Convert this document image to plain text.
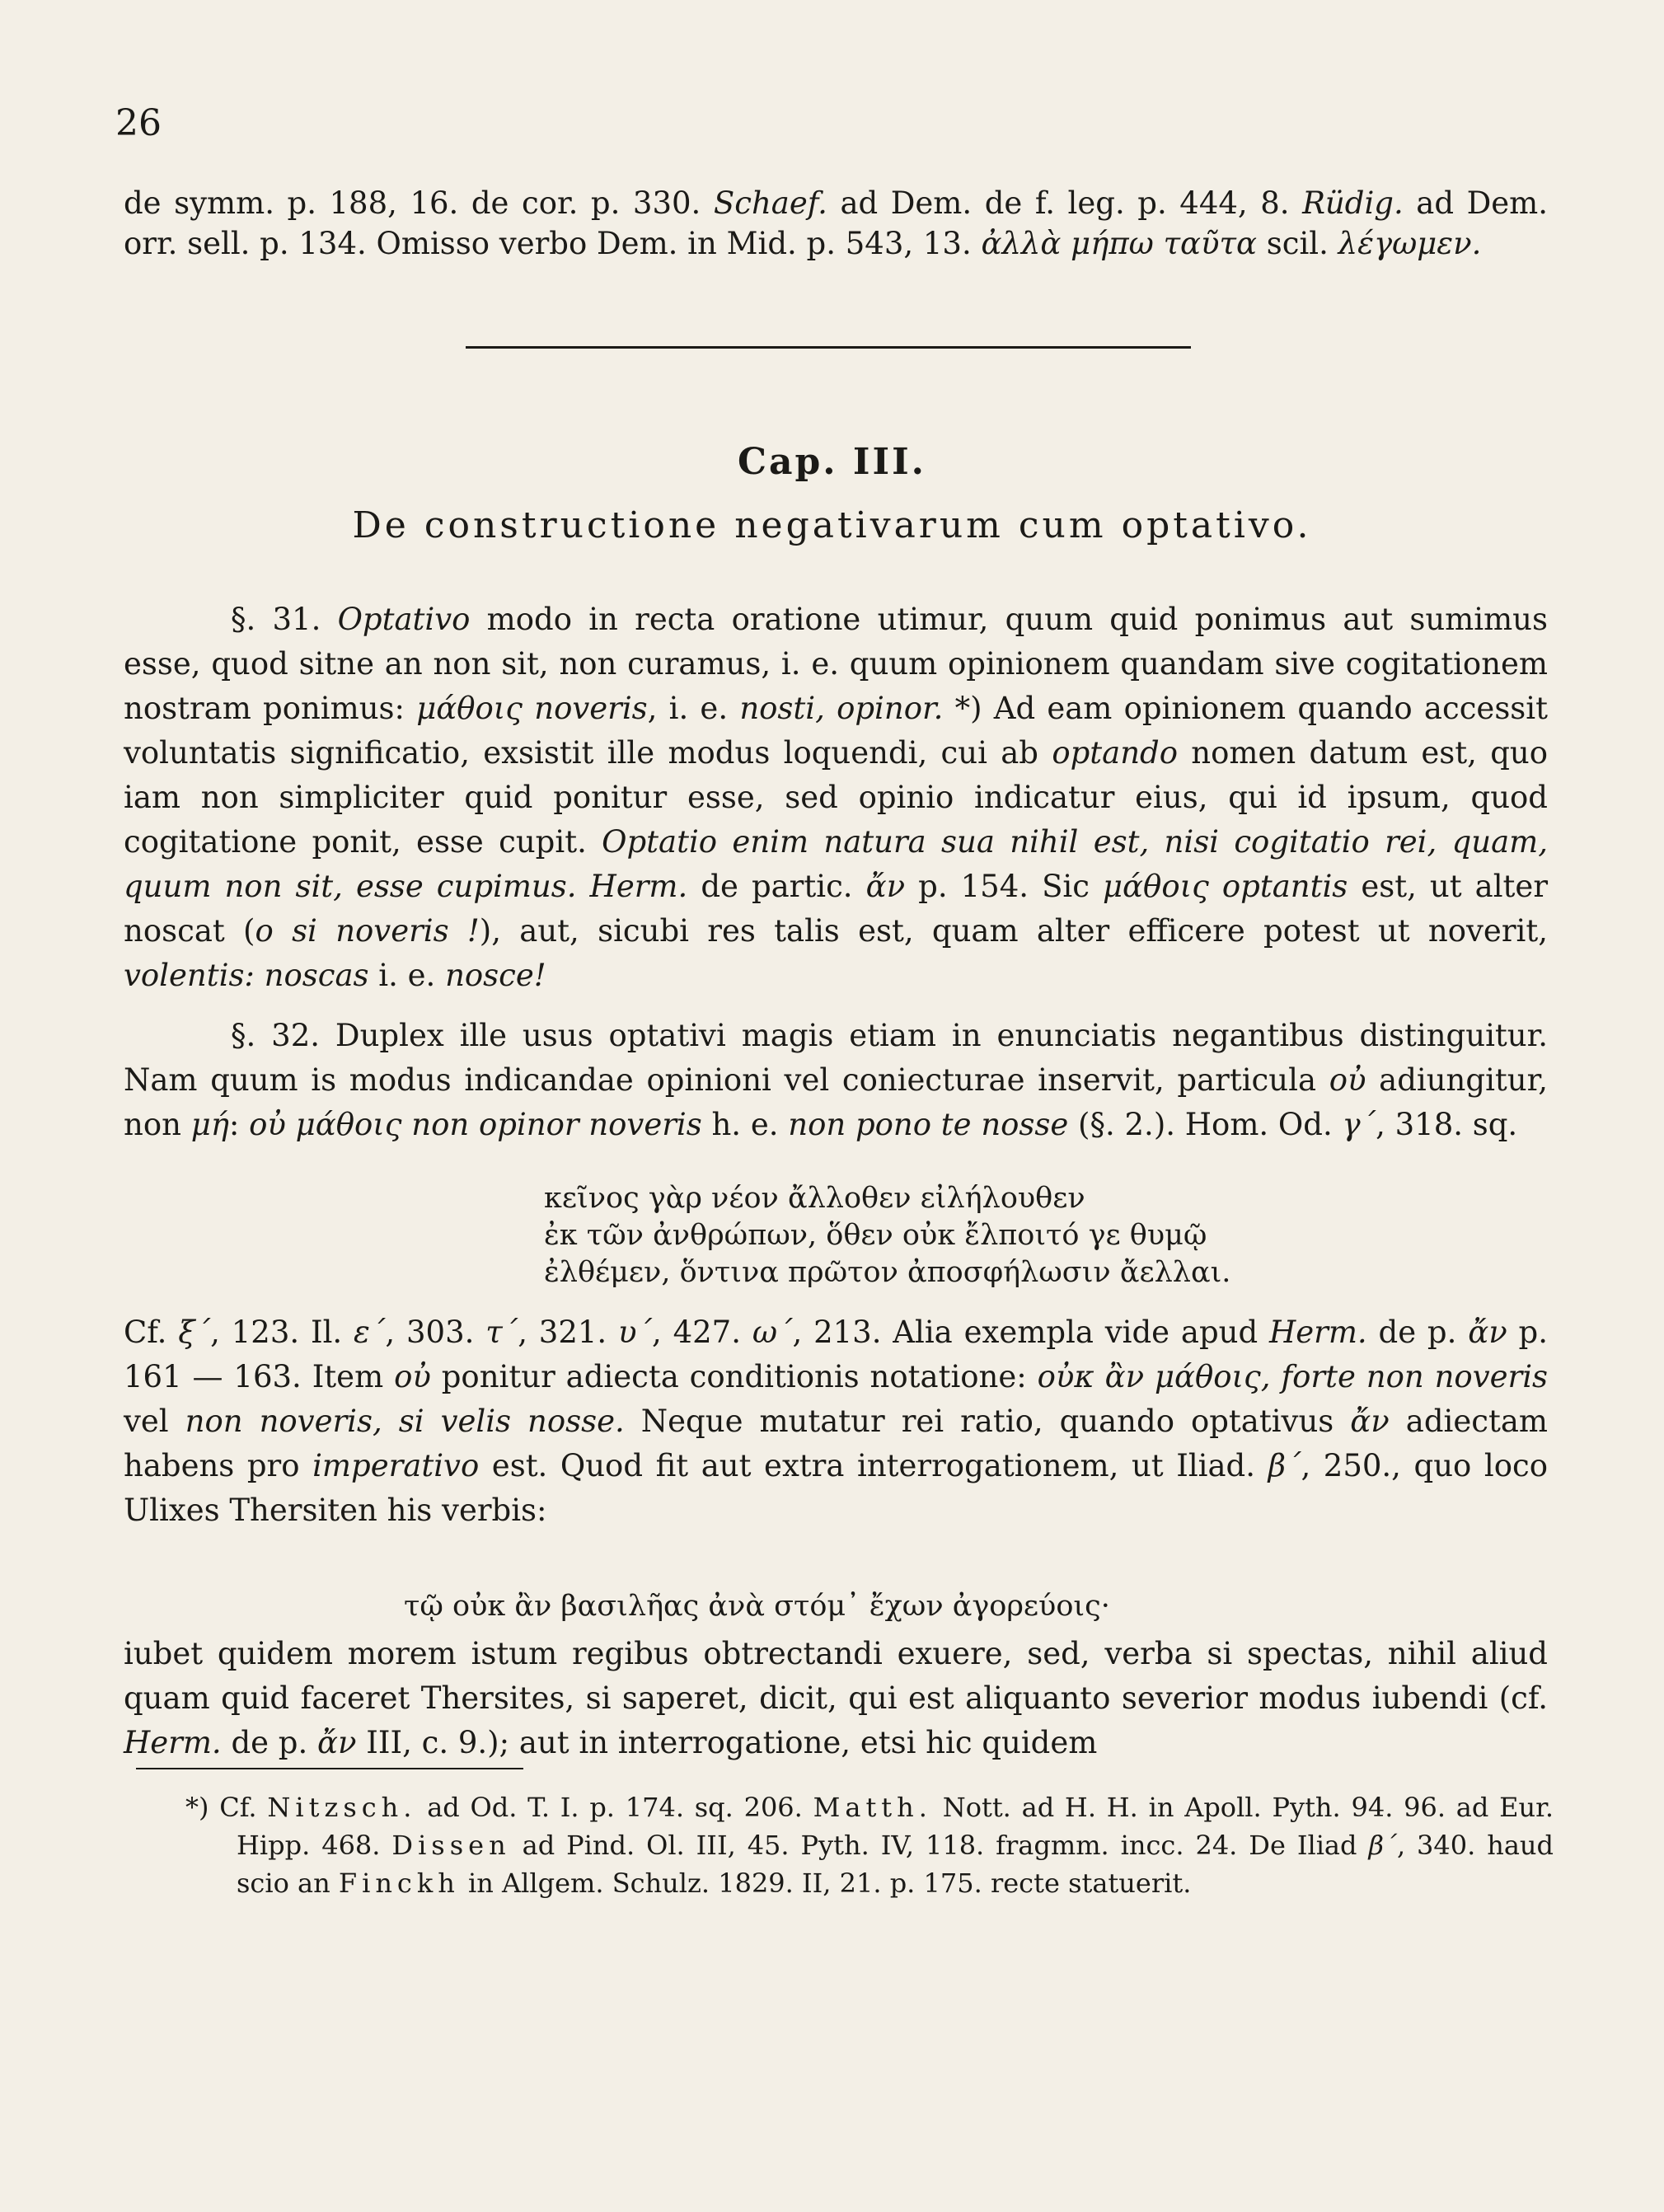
26

de symm. p. 188, 16. de cor. p. 330. Schaef. ad Dem. de f. leg. p. 444, 8. Rüdig. ad Dem. orr. sell. p. 134. Omisso verbo Dem. in Mid. p. 543, 13. ἀλλὰ μήπω ταῦτα scil. λέγωμεν.

Cap. III.
De constructione negativarum cum optativo.

§. 31. Optativo modo in recta oratione utimur, quum quid ponimus aut sumimus esse, quod sitne an non sit, non curamus, i. e. quum opinionem quandam sive cogitationem nostram ponimus: μάθοις noveris, i. e. nosti, opinor. *) Ad eam opinionem quando accessit voluntatis significatio, exsistit ille modus loquendi, cui ab optando nomen datum est, quo iam non simpliciter quid ponitur esse, sed opinio indicatur eius, qui id ipsum, quod cogitatione ponit, esse cupit. Optatio enim natura sua nihil est, nisi cogitatio rei, quam, quum non sit, esse cupimus. Herm. de partic. ἄν p. 154. Sic μάθοις optantis est, ut alter noscat (o si noveris !), aut, sicubi res talis est, quam alter efficere potest ut noverit, volentis: noscas i. e. nosce!

§. 32. Duplex ille usus optativi magis etiam in enunciatis negantibus distinguitur. Nam quum is modus indicandae opinioni vel coniecturae inservit, particula οὐ adiungitur, non μή: οὐ μάθοις non opinor noveris h. e. non pono te nosse (§. 2.). Hom. Od. γ´, 318. sq.

κεῖνος γὰρ νέον ἄλλοθεν εἰλήλουθεν
ἐκ τῶν ἀνθρώπων, ὅθεν οὐκ ἔλποιτό γε θυμῷ
ἐλθέμεν, ὅντινα πρῶτον ἀποσφήλωσιν ἄελλαι.

Cf. ξ´, 123. Il. ε´, 303. τ´, 321. υ´, 427. ω´, 213. Alia exempla vide apud Herm. de p. ἄν p. 161 — 163. Item οὐ ponitur adiecta conditionis notatione: οὐκ ἂν μάθοις, forte non noveris vel non noveris, si velis nosse. Neque mutatur rei ratio, quando optativus ἄν adiectam habens pro imperativo est. Quod fit aut extra interrogationem, ut Iliad. β´, 250., quo loco Ulixes Thersiten his verbis:

τῷ οὐκ ἂν βασιλῆας ἀνὰ στόμ᾽ ἔχων ἀγορεύοις·

iubet quidem morem istum regibus obtrectandi exuere, sed, verba si spectas, nihil aliud quam quid faceret Thersites, si saperet, dicit, qui est aliquanto severior modus iubendi (cf. Herm. de p. ἄν III, c. 9.); aut in interrogatione, etsi hic quidem

*) Cf. Nitzsch. ad Od. T. I. p. 174. sq. 206. Matth. Nott. ad H. H. in Apoll. Pyth. 94. 96. ad Eur. Hipp. 468. Dissen ad Pind. Ol. III, 45. Pyth. IV, 118. fragmm. incc. 24. De Iliad β´, 340. haud scio an Finckh in Allgem. Schulz. 1829. II, 21. p. 175. recte statuerit.
